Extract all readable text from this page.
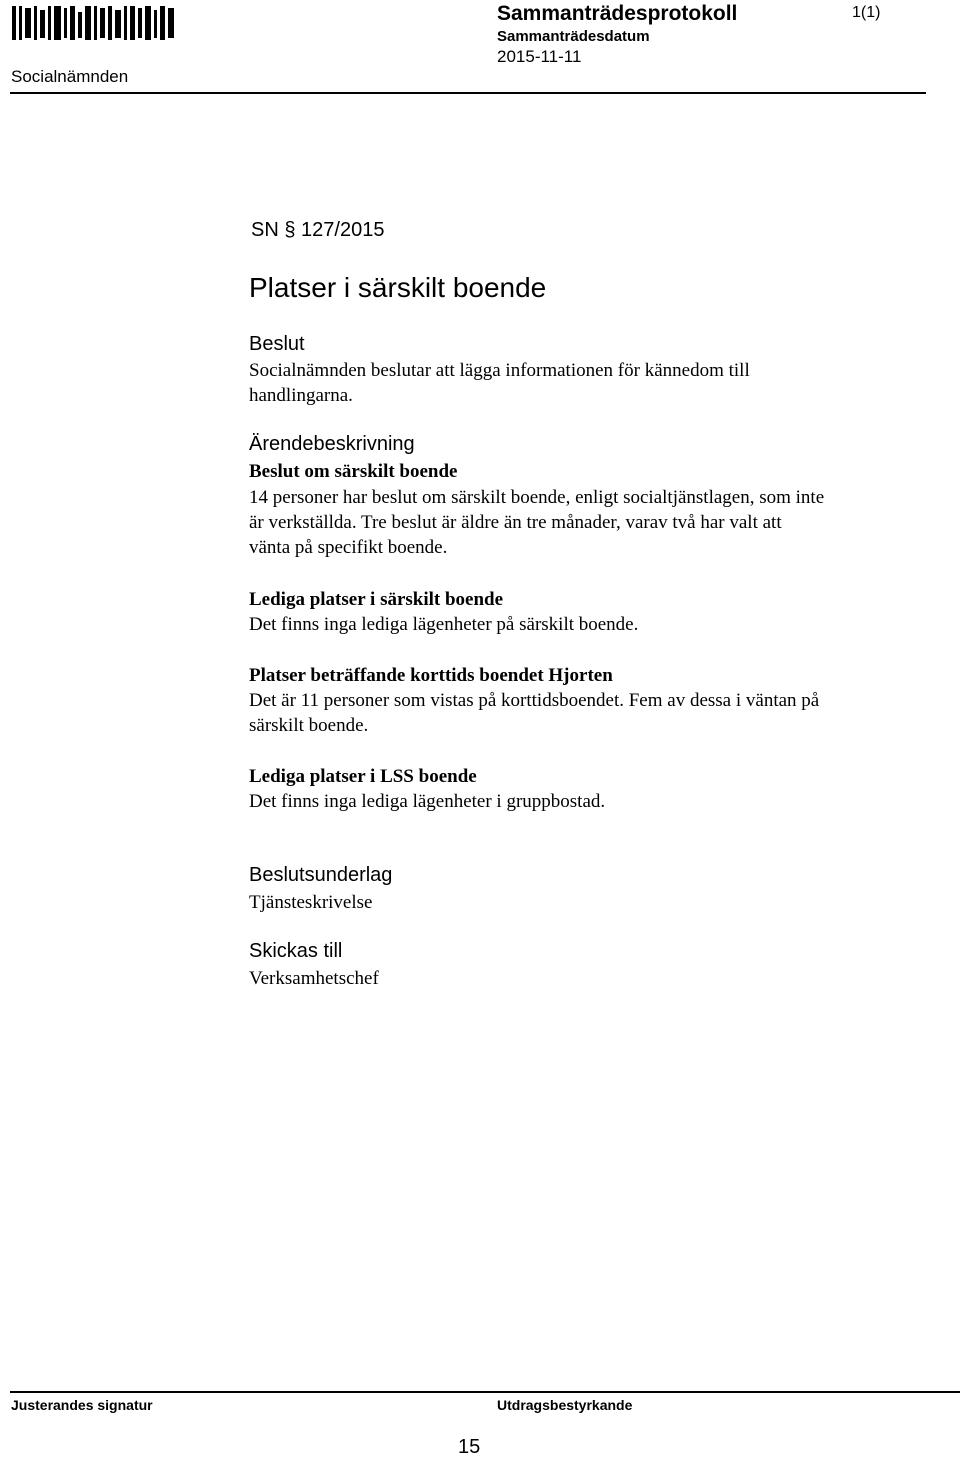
Sammanträdesprotokoll	1(1)
Sammanträdesdatum
2015-11-11
Socialnämnden
SN § 127/2015
Platser i särskilt boende
Beslut
Socialnämnden beslutar att lägga informationen för kännedom till handlingarna.
Ärendebeskrivning
Beslut om särskilt boende
14 personer har beslut om särskilt boende, enligt socialtjänstlagen, som inte
är verkställda. Tre beslut är äldre än tre månader, varav två har valt att
vänta på specifikt boende.
Lediga platser i särskilt boende
Det finns inga lediga lägenheter på särskilt boende.
Platser beträffande korttids boendet Hjorten
Det är 11 personer som vistas på korttidsboendet. Fem av dessa i väntan på
särskilt boende.
Lediga platser i LSS boende
Det finns inga lediga lägenheter i gruppbostad.
Beslutsunderlag
Tjänsteskrivelse
Skickas till
Verksamhetschef
Justerandes signatur	Utdragsbestyrkande
15
